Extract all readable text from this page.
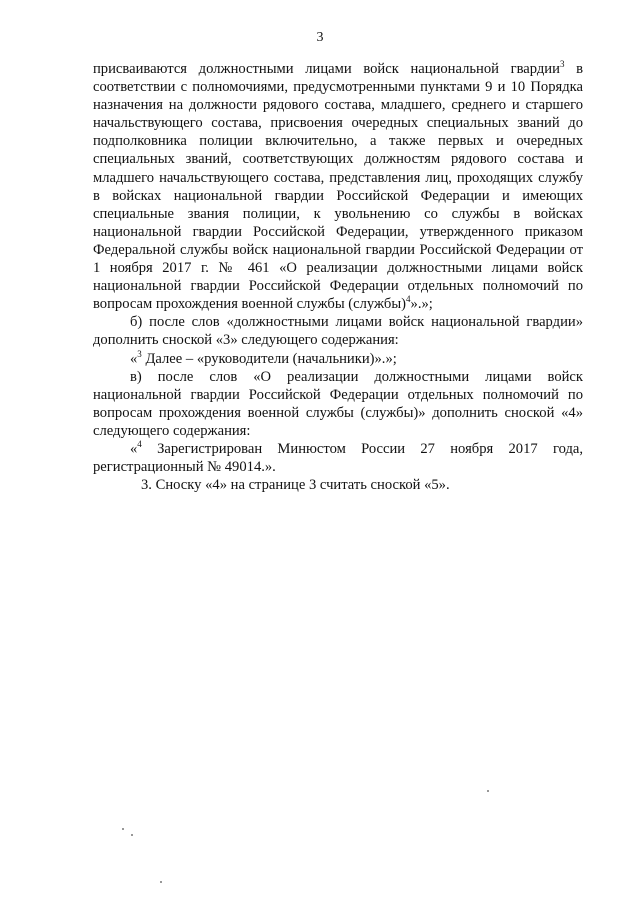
3

присваиваются должностными лицами войск национальной гвардии$^3$ в соответствии с полномочиями, предусмотренными пунктами 9 и 10 Порядка назначения на должности рядового состава, младшего, среднего и старшего начальствующего состава, присвоения очередных специальных званий до подполковника полиции включительно, а также первых и очередных специальных званий, соответствующих должностям рядового состава и младшего начальствующего состава, представления лиц, проходящих службу в войсках национальной гвардии Российской Федерации и имеющих специальные звания полиции, к увольнению со службы в войсках национальной гвардии Российской Федерации, утвержденного приказом Федеральной службы войск национальной гвардии Российской Федерации от 1 ноября 2017 г. № 461 «О реализации должностными лицами войск национальной гвардии Российской Федерации отдельных полномочий по вопросам прохождения военной службы (службы)$^4$».»;

б) после слов «должностными лицами войск национальной гвардии» дополнить сноской «3» следующего содержания:

«$^3$ Далее – «руководители (начальники)».»;

в) после слов «О реализации должностными лицами войск национальной гвардии Российской Федерации отдельных полномочий по вопросам прохождения военной службы (службы)» дополнить сноской «4» следующего содержания:

«$^4$ Зарегистрирован Минюстом России 27 ноября 2017 года, регистрационный № 49014.».

3. Сноску «4» на странице 3 считать сноской «5».
